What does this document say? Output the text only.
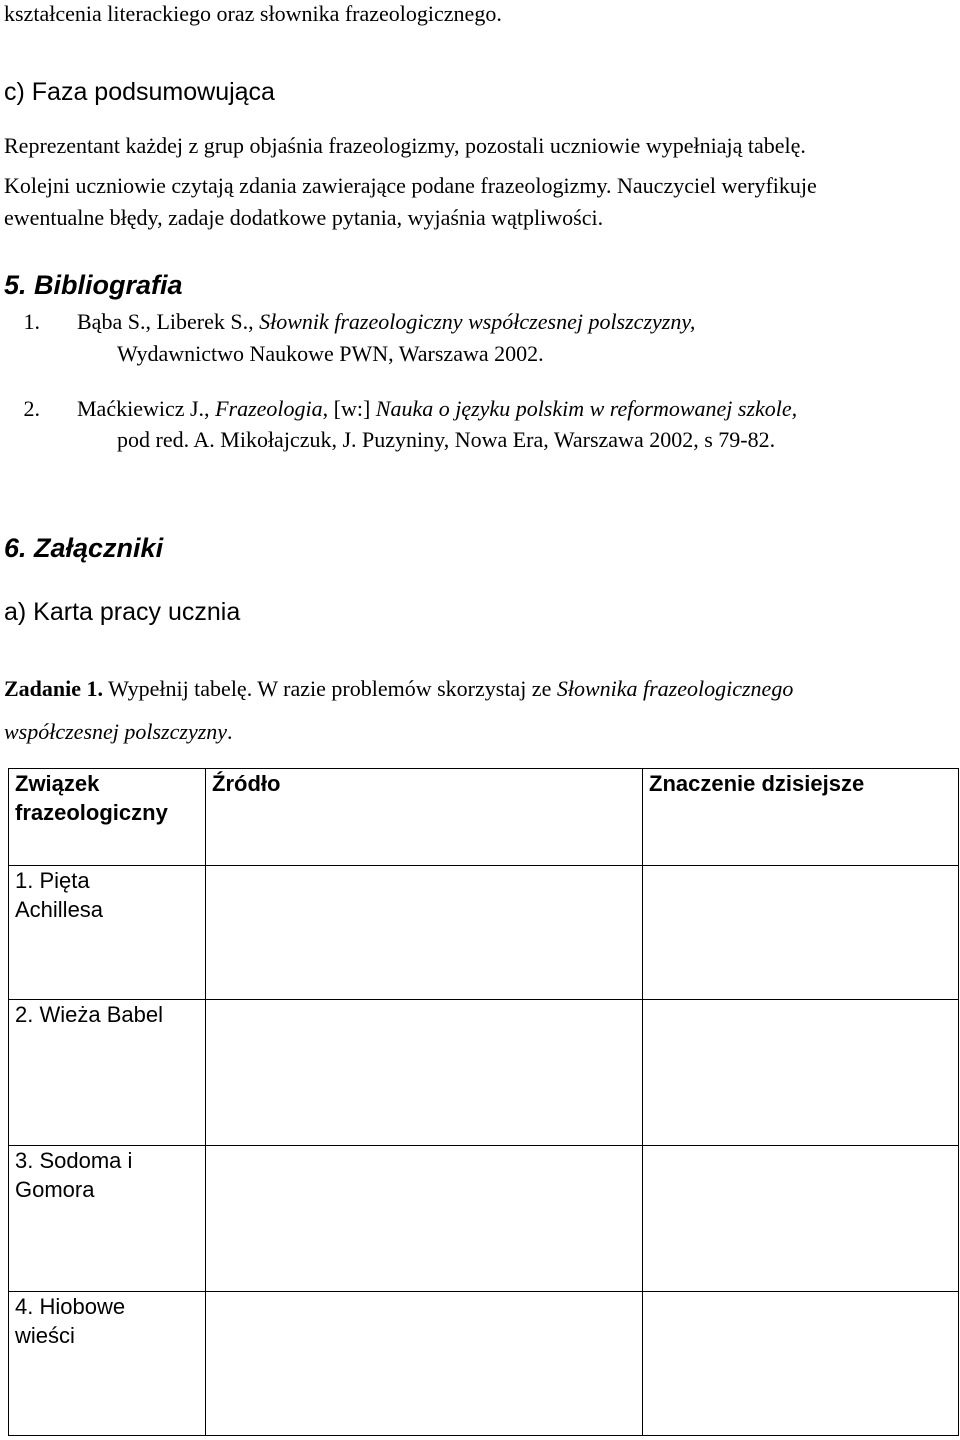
kształcenia literackiego oraz słownika frazeologicznego.
c) Faza podsumowująca
Reprezentant każdej z grup objaśnia frazeologizmy, pozostali uczniowie wypełniają tabelę.
Kolejni uczniowie czytają zdania zawierające podane frazeologizmy. Nauczyciel weryfikuje
ewentualne błędy, zadaje dodatkowe pytania, wyjaśnia wątpliwości.
5. Bibliografia
1. Bąba S., Liberek S., Słownik frazeologiczny współczesnej polszczyzny,
Wydawnictwo Naukowe PWN, Warszawa 2002.
2. Maćkiewicz J., Frazeologia, [w:] Nauka o języku polskim w reformowanej szkole,
pod red. A. Mikołajczuk, J. Puzyniny, Nowa Era, Warszawa 2002, s 79-82.
6. Załączniki
a) Karta pracy ucznia
Zadanie 1. Wypełnij tabelę. W razie problemów skorzystaj ze Słownika frazeologicznego
współczesnej polszczyzny.
Związek frazeologiczny	Źródło	Znaczenie dzisiejsze

1. Pięta Achillesa		

2. Wieża Babel		

3. Sodoma i Gomora		

4. Hiobowe wieści		
